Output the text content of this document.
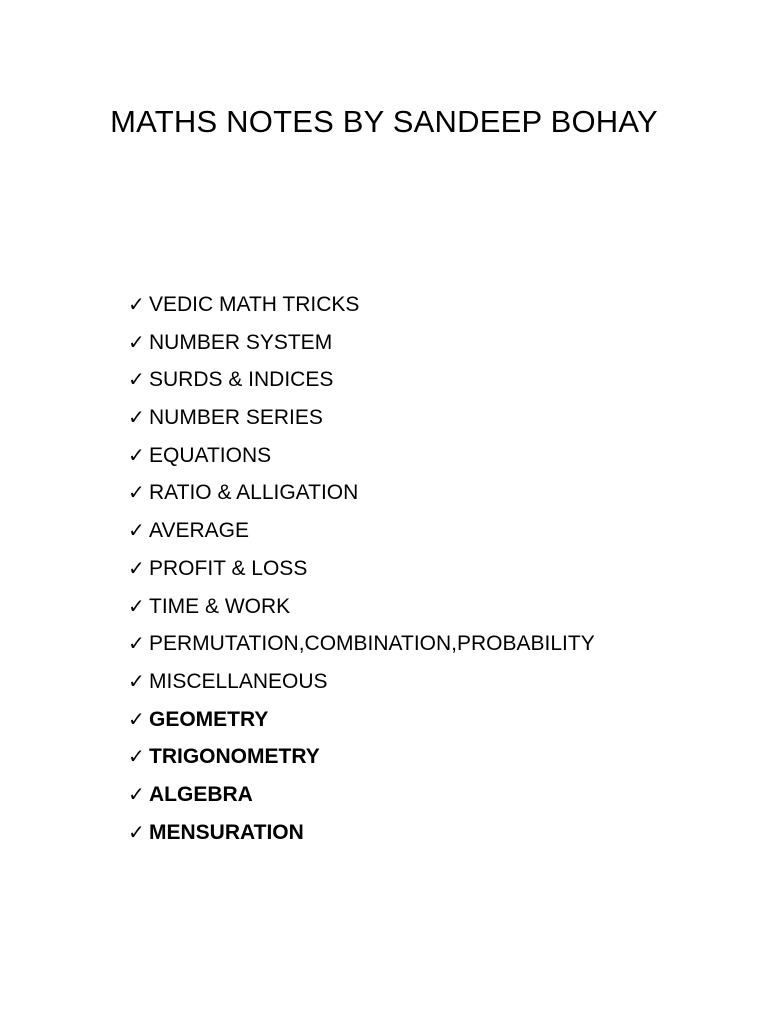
MATHS NOTES BY SANDEEP BOHAY
✓ VEDIC MATH TRICKS
✓ NUMBER SYSTEM
✓ SURDS & INDICES
✓ NUMBER SERIES
✓ EQUATIONS
✓ RATIO & ALLIGATION
✓ AVERAGE
✓ PROFIT & LOSS
✓ TIME & WORK
✓ PERMUTATION,COMBINATION,PROBABILITY
✓ MISCELLANEOUS
✓ GEOMETRY
✓ TRIGONOMETRY
✓ ALGEBRA
✓ MENSURATION
